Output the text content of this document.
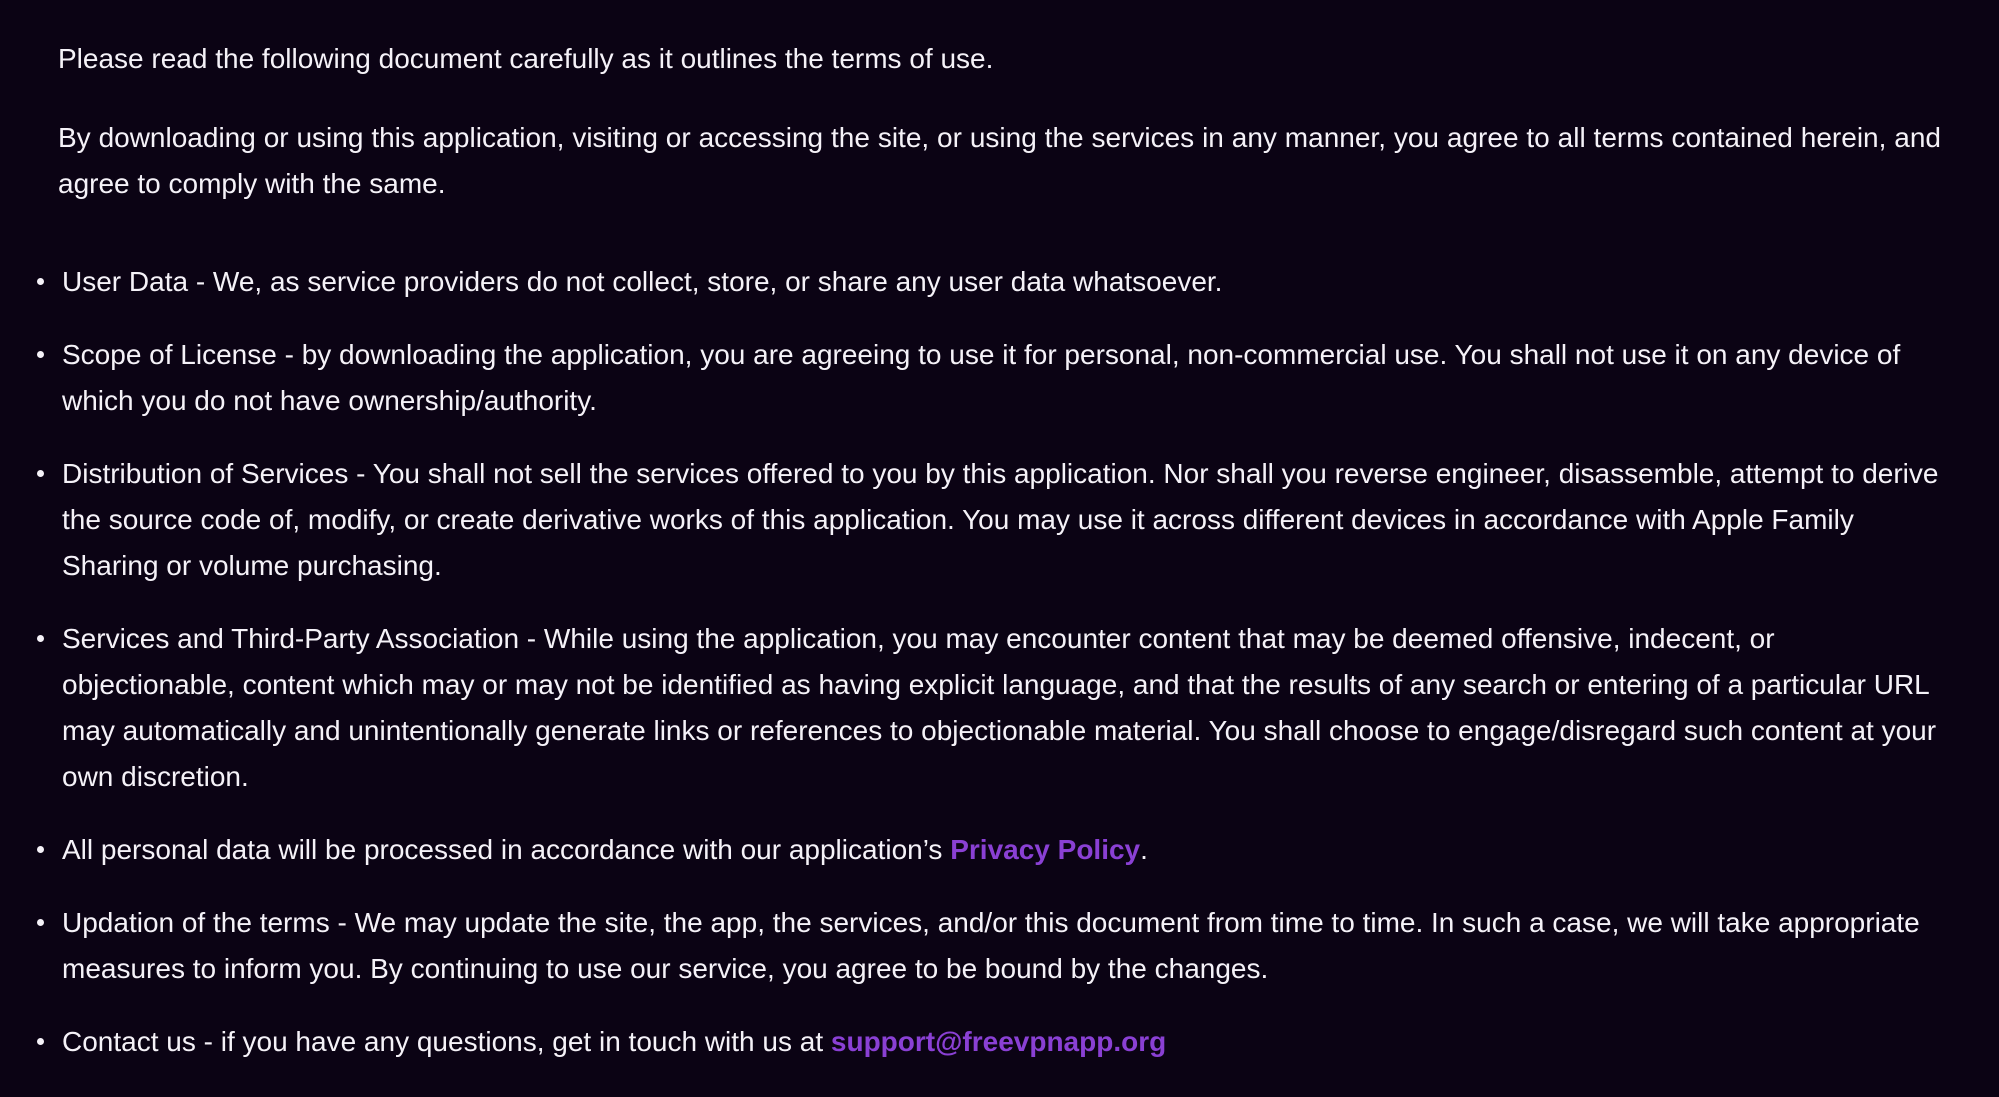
Please read the following document carefully as it outlines the terms of use.

By downloading or using this application, visiting or accessing the site, or using the services in any manner, you agree to all terms contained herein, and agree to comply with the same.

User Data - We, as service providers do not collect, store, or share any user data whatsoever.
Scope of License - by downloading the application, you are agreeing to use it for personal, non-commercial use. You shall not use it on any device of which you do not have ownership/authority.
Distribution of Services - You shall not sell the services offered to you by this application. Nor shall you reverse engineer, disassemble, attempt to derive the source code of, modify, or create derivative works of this application. You may use it across different devices in accordance with Apple Family Sharing or volume purchasing.
Services and Third-Party Association - While using the application, you may encounter content that may be deemed offensive, indecent, or objectionable, content which may or may not be identified as having explicit language, and that the results of any search or entering of a particular URL may automatically and unintentionally generate links or references to objectionable material. You shall choose to engage/disregard such content at your own discretion.
All personal data will be processed in accordance with our application’s Privacy Policy.
Updation of the terms - We may update the site, the app, the services, and/or this document from time to time. In such a case, we will take appropriate measures to inform you. By continuing to use our service, you agree to be bound by the changes.
Contact us - if you have any questions, get in touch with us at support@freevpnapp.org
